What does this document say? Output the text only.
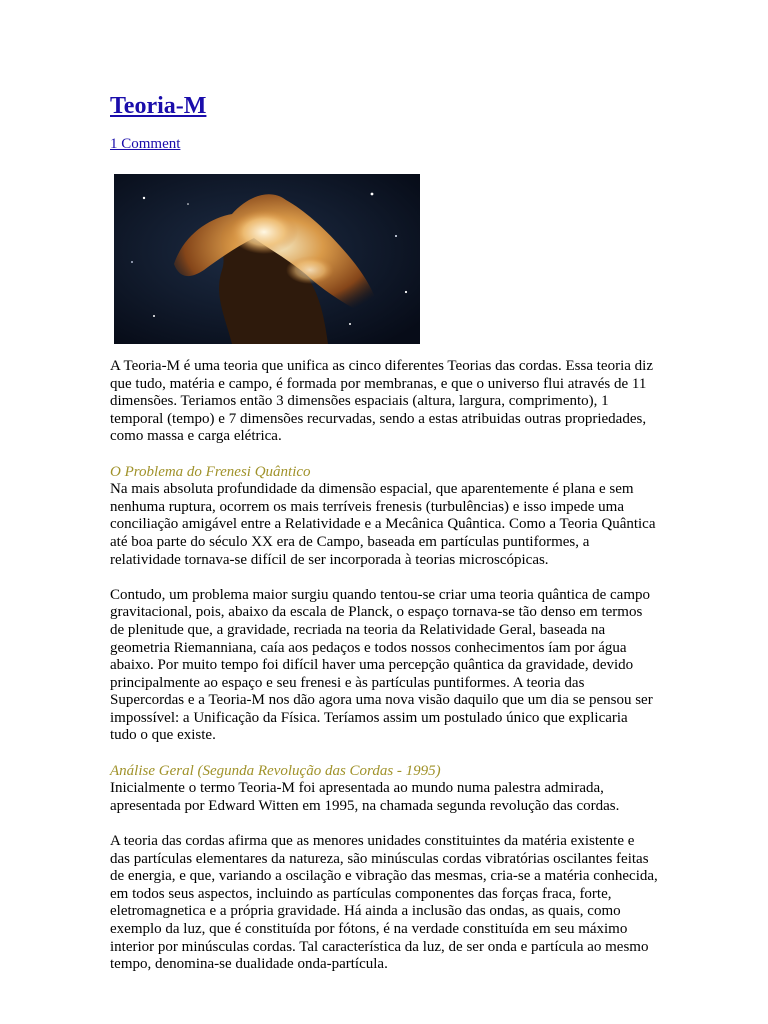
Teoria-M
1 Comment

A Teoria-M é uma teoria que unifica as cinco diferentes Teorias das cordas. Essa teoria diz que tudo, matéria e campo, é formada por membranas, e que o universo flui através de 11 dimensões. Teriamos então 3 dimensões espaciais (altura, largura, comprimento), 1 temporal (tempo) e 7 dimensões recurvadas, sendo a estas atribuidas outras propriedades, como massa e carga elétrica.

O Problema do Frenesi Quântico

Na mais absoluta profundidade da dimensão espacial, que aparentemente é plana e sem nenhuma ruptura, ocorrem os mais terríveis frenesis (turbulências) e isso impede uma conciliação amigável entre a Relatividade e a Mecânica Quântica. Como a Teoria Quântica até boa parte do século XX era de Campo, baseada em partículas puntiformes, a relatividade tornava-se difícil de ser incorporada à teorias microscópicas.

Contudo, um problema maior surgiu quando tentou-se criar uma teoria quântica de campo gravitacional, pois, abaixo da escala de Planck, o espaço tornava-se tão denso em termos de plenitude que, a gravidade, recriada na teoria da Relatividade Geral, baseada na geometria Riemanniana, caía aos pedaços e todos nossos conhecimentos íam por água abaixo. Por muito tempo foi difícil haver uma percepção quântica da gravidade, devido principalmente ao espaço e seu frenesi e às partículas puntiformes. A teoria das Supercordas e a Teoria-M nos dão agora uma nova visão daquilo que um dia se pensou ser impossível: a Unificação da Física. Teríamos assim um postulado único que explicaria tudo o que existe.

Análise Geral (Segunda Revolução das Cordas - 1995)

Inicialmente o termo Teoria-M foi apresentada ao mundo numa palestra admirada, apresentada por Edward Witten em 1995, na chamada segunda revolução das cordas.

A teoria das cordas afirma que as menores unidades constituintes da matéria existente e das partículas elementares da natureza, são minúsculas cordas vibratórias oscilantes feitas de energia, e que, variando a oscilação e vibração das mesmas, cria-se a matéria conhecida, em todos seus aspectos, incluindo as partículas componentes das forças fraca, forte, eletromagnetica e a própria gravidade. Há ainda a inclusão das ondas, as quais, como exemplo da luz, que é constituída por fótons, é na verdade constituída em seu máximo interior por minúsculas cordas. Tal característica da luz, de ser onda e partícula ao mesmo tempo, denomina-se dualidade onda-partícula.
